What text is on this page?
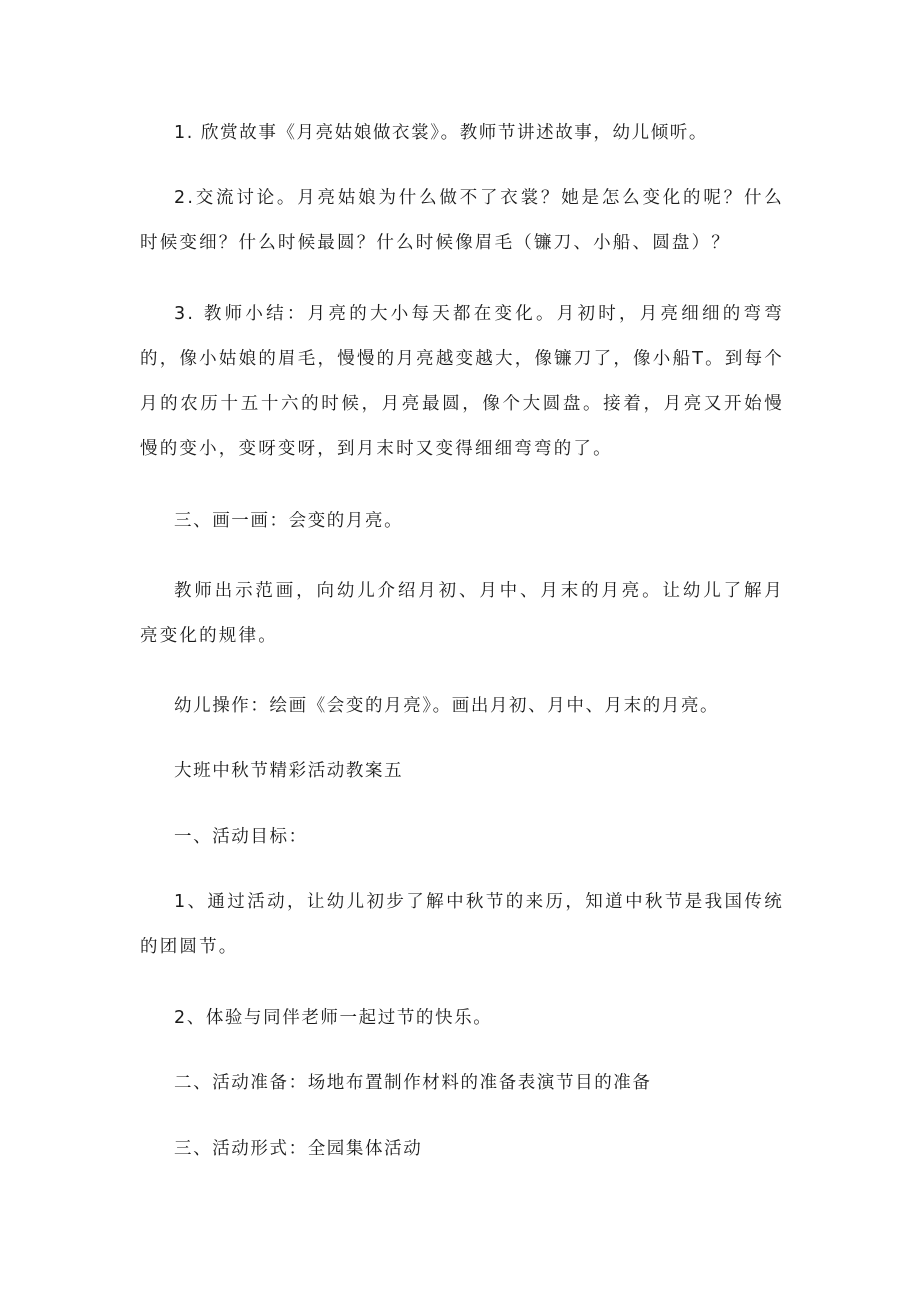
1. 欣赏故事《月亮姑娘做衣裳》。教师节讲述故事，幼儿倾听。

2.交流讨论。月亮姑娘为什么做不了衣裳？她是怎么变化的呢？什么时候变细？什么时候最圆？什么时候像眉毛（镰刀、小船、圆盘）？

3. 教师小结：月亮的大小每天都在变化。月初时，月亮细细的弯弯的，像小姑娘的眉毛，慢慢的月亮越变越大，像镰刀了，像小船T。到每个月的农历十五十六的时候，月亮最圆，像个大圆盘。接着，月亮又开始慢慢的变小，变呀变呀，到月末时又变得细细弯弯的了。

三、画一画：会变的月亮。

教师出示范画，向幼儿介绍月初、月中、月末的月亮。让幼儿了解月亮变化的规律。

幼儿操作：绘画《会变的月亮》。画出月初、月中、月末的月亮。

大班中秋节精彩活动教案五

一、活动目标：

1、通过活动，让幼儿初步了解中秋节的来历，知道中秋节是我国传统的团圆节。

2、体验与同伴老师一起过节的快乐。

二、活动准备：场地布置制作材料的准备表演节目的准备

三、活动形式：全园集体活动
